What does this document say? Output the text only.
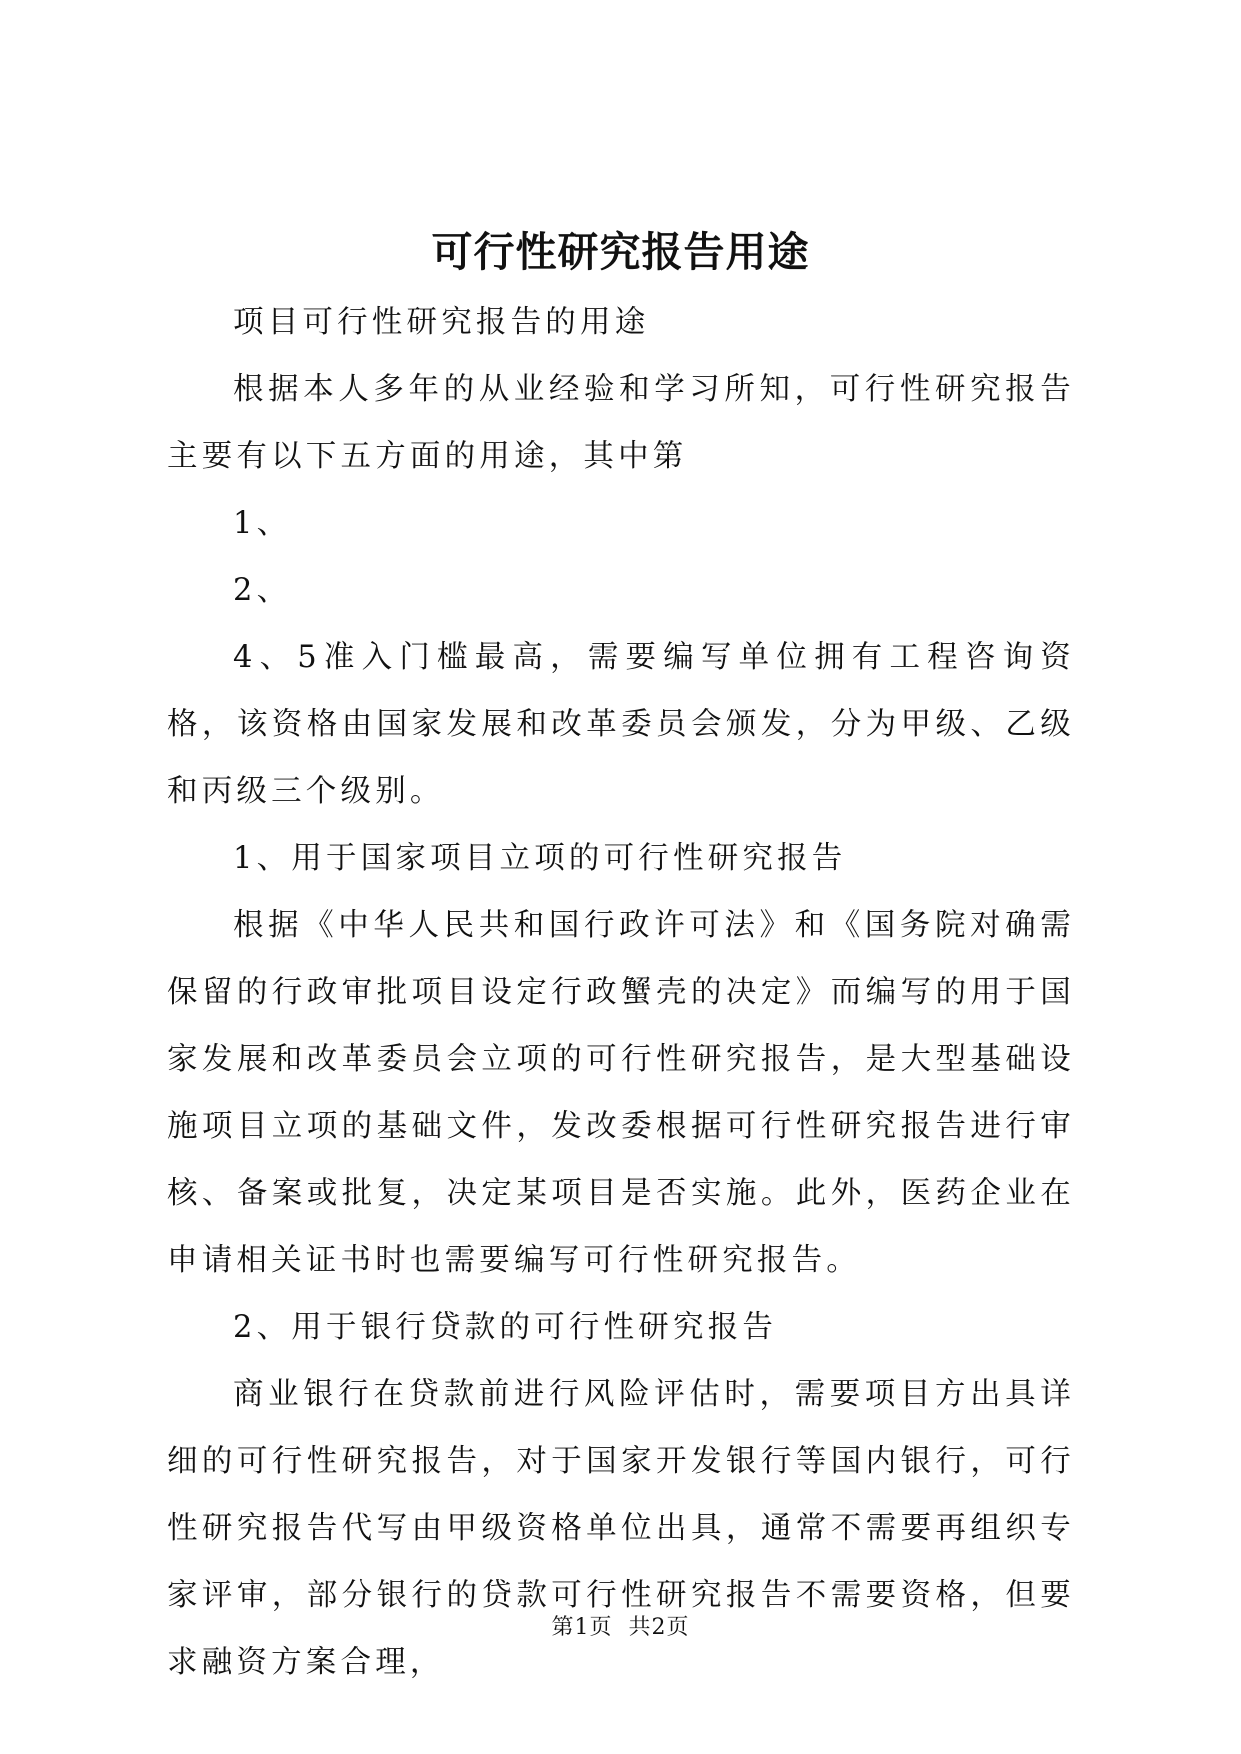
可行性研究报告用途

项目可行性研究报告的用途

根据本人多年的从业经验和学习所知，可行性研究报告主要有以下五方面的用途，其中第

1、

2、

4、5准入门槛最高，需要编写单位拥有工程咨询资格，该资格由国家发展和改革委员会颁发，分为甲级、乙级和丙级三个级别。

1、用于国家项目立项的可行性研究报告

根据《中华人民共和国行政许可法》和《国务院对确需保留的行政审批项目设定行政蟹壳的决定》而编写的用于国家发展和改革委员会立项的可行性研究报告，是大型基础设施项目立项的基础文件，发改委根据可行性研究报告进行审核、备案或批复，决定某项目是否实施。此外，医药企业在申请相关证书时也需要编写可行性研究报告。

2、用于银行贷款的可行性研究报告

商业银行在贷款前进行风险评估时，需要项目方出具详细的可行性研究报告，对于国家开发银行等国内银行，可行性研究报告代写由甲级资格单位出具，通常不需要再组织专家评审，部分银行的贷款可行性研究报告不需要资格，但要求融资方案合理，

第1页 共2页
